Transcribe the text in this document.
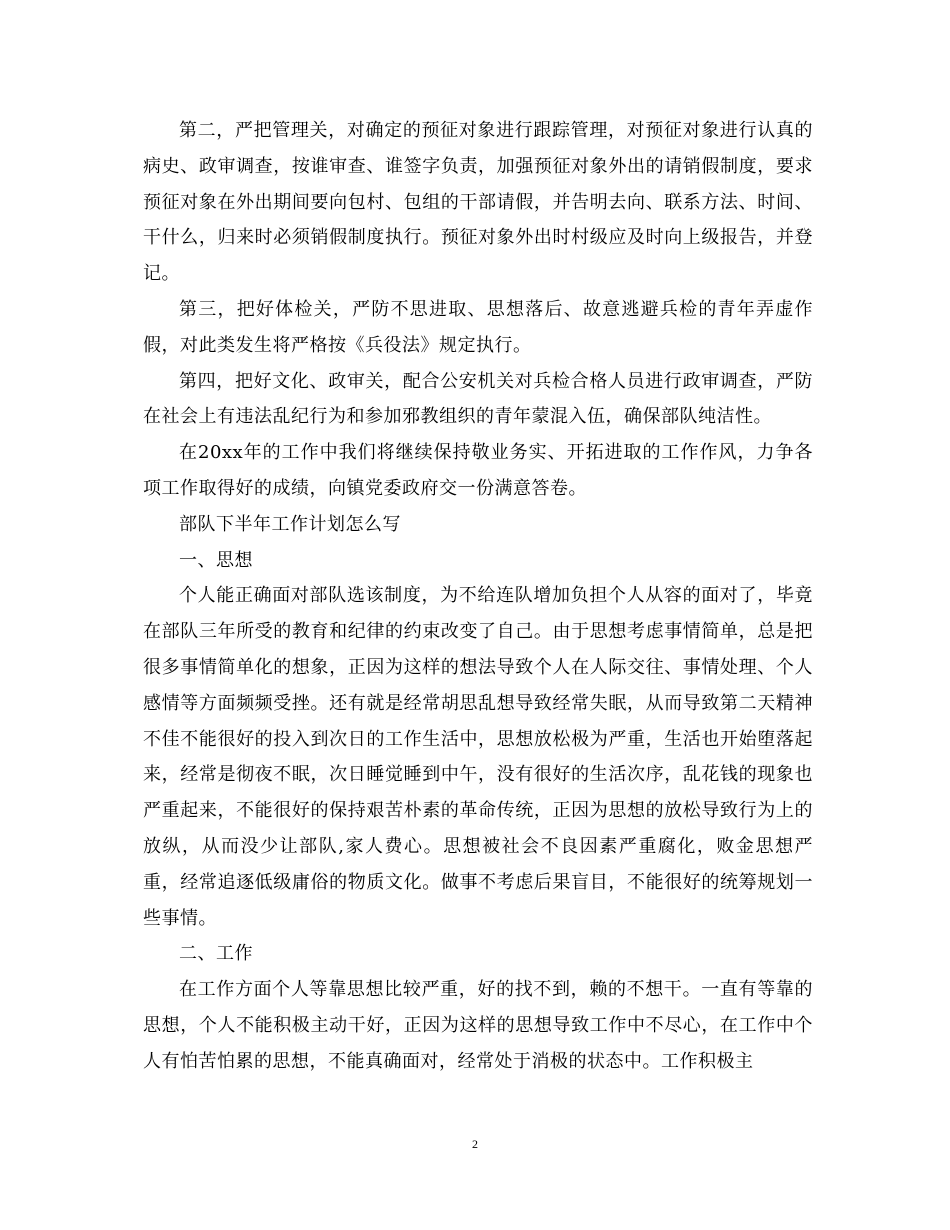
第二，严把管理关，对确定的预征对象进行跟踪管理，对预征对象进行认真的病史、政审调查，按谁审查、谁签字负责，加强预征对象外出的请销假制度，要求预征对象在外出期间要向包村、包组的干部请假，并告明去向、联系方法、时间、干什么，归来时必须销假制度执行。预征对象外出时村级应及时向上级报告，并登记。

第三，把好体检关，严防不思进取、思想落后、故意逃避兵检的青年弄虚作假，对此类发生将严格按《兵役法》规定执行。

第四，把好文化、政审关，配合公安机关对兵检合格人员进行政审调查，严防在社会上有违法乱纪行为和参加邪教组织的青年蒙混入伍，确保部队纯洁性。

在20xx年的工作中我们将继续保持敬业务实、开拓进取的工作作风，力争各项工作取得好的成绩，向镇党委政府交一份满意答卷。

部队下半年工作计划怎么写

一、思想

个人能正确面对部队选该制度，为不给连队增加负担个人从容的面对了，毕竟在部队三年所受的教育和纪律的约束改变了自己。由于思想考虑事情简单，总是把很多事情简单化的想象，正因为这样的想法导致个人在人际交往、事情处理、个人感情等方面频频受挫。还有就是经常胡思乱想导致经常失眠，从而导致第二天精神不佳不能很好的投入到次日的工作生活中，思想放松极为严重，生活也开始堕落起来，经常是彻夜不眠，次日睡觉睡到中午，没有很好的生活次序，乱花钱的现象也严重起来，不能很好的保持艰苦朴素的革命传统，正因为思想的放松导致行为上的放纵，从而没少让部队,家人费心。思想被社会不良因素严重腐化，败金思想严重，经常追逐低级庸俗的物质文化。做事不考虑后果盲目，不能很好的统筹规划一些事情。

二、工作

在工作方面个人等靠思想比较严重，好的找不到，赖的不想干。一直有等靠的思想，个人不能积极主动干好，正因为这样的思想导致工作中不尽心，在工作中个人有怕苦怕累的思想，不能真确面对，经常处于消极的状态中。工作积极主

2
